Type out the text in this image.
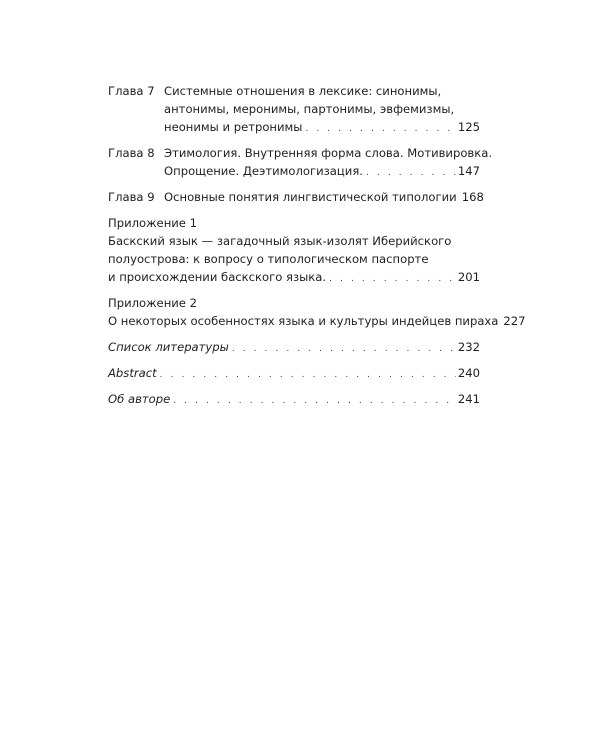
Глава 7 Системные отношения в лексике: синонимы,
антонимы, меронимы, партонимы, эвфемизмы,
неонимы и ретронимы . . .	125
Глава 8 Этимология. Внутренняя форма слова. Мотивировка.
Опрощение. Деэтимологизация. . . .	147
Глава 9 Основные понятия лингвистической типологии 168
Приложение 1
Баскский язык — загадочный язык-изолят Иберийского
полуострова: к вопросу о типологическом паспорте
и происхождении баскского языка. . . .	201
Приложение 2
О некоторых особенностях языка и культуры индейцев пираха 227
Список литературы . . .	232
Abstract . . .	240
Об авторе . . .	241
